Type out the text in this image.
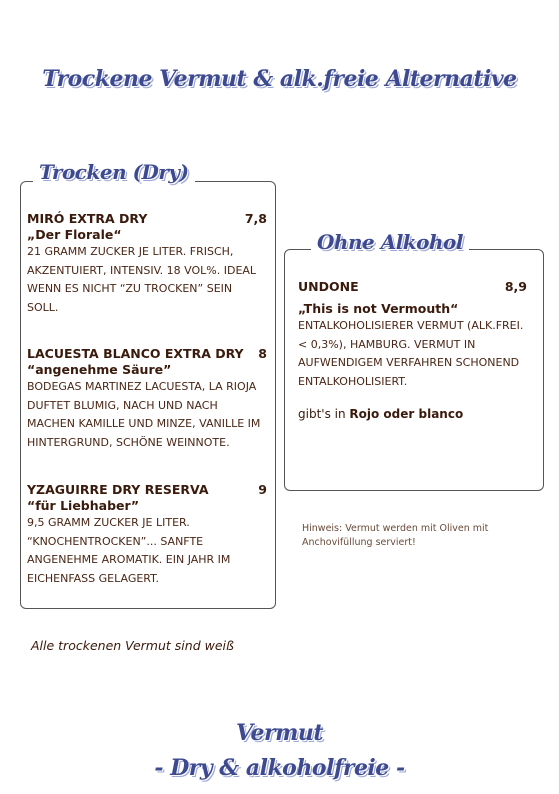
Trockene Vermut & alk.freie Alternative
Trocken (Dry)
MIRÓ EXTRA DRY	7,8
„Der Florale“
21 GRAMM ZUCKER JE LITER. FRISCH, AKZENTUIERT, INTENSIV. 18 VOL%. IDEAL WENN ES NICHT “ZU TROCKEN” SEIN SOLL.
LACUESTA BLANCO EXTRA DRY 8
“angenehme Säure”
BODEGAS MARTINEZ LACUESTA, LA RIOJA DUFTET BLUMIG, NACH UND NACH MACHEN KAMILLE UND MINZE, VANILLE IM HINTERGRUND, SCHÖNE WEINNOTE.
YZAGUIRRE DRY RESERVA	9
“für Liebhaber”
9,5 GRAMM ZUCKER JE LITER. “KNOCHENTROCKEN”... SANFTE ANGENEHME AROMATIK. EIN JAHR IM EICHENFASS GELAGERT.
Ohne Alkohol
UNDONE	8,9
„This is not Vermouth“
ENTALKOHOLISIERER VERMUT (ALK.FREI. < 0,3%), HAMBURG. VERMUT IN AUFWENDIGEM VERFAHREN SCHONEND ENTALKOHOLISIERT.
gibt's in Rojo oder blanco
Hinweis: Vermut werden mit Oliven mit Anchovifüllung serviert!
Alle trockenen Vermut sind weiß
Vermut
- Dry & alkoholfreie -
